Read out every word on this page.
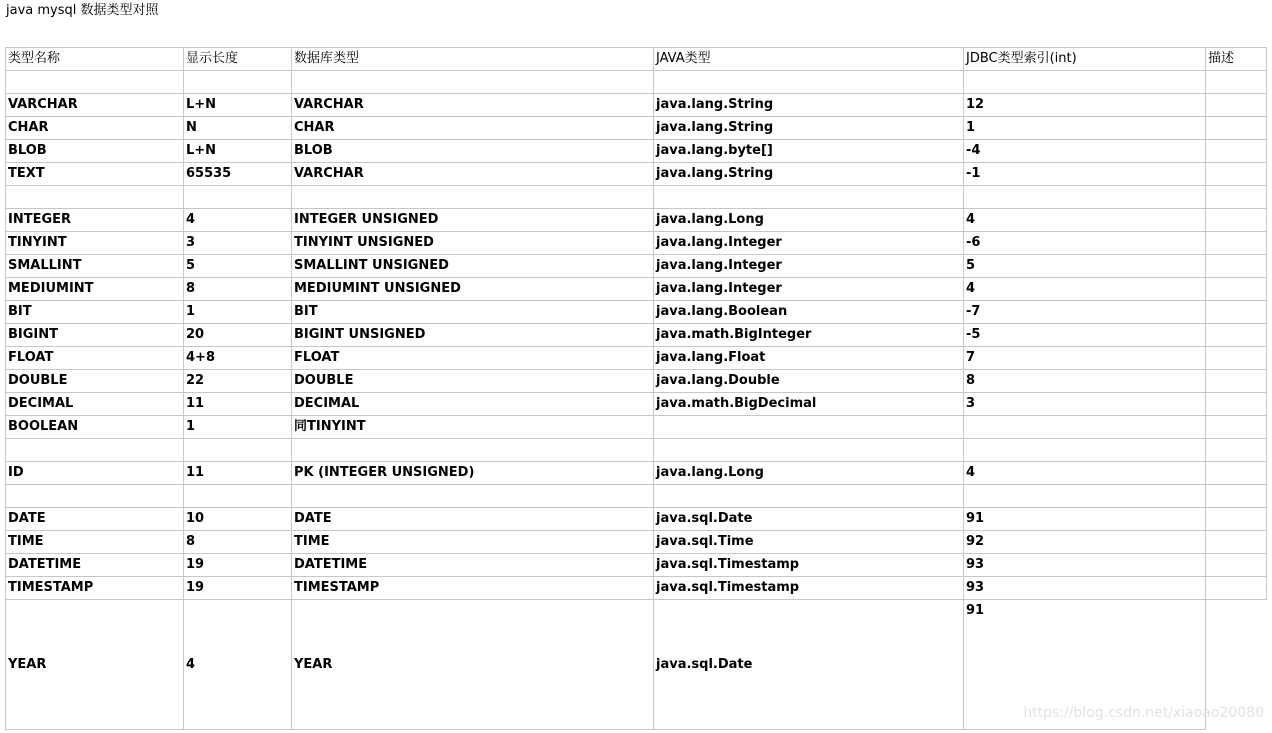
java mysql 数据类型对照
类型名称	显示长度	数据库类型	JAVA类型	JDBC类型索引(int)	描述

VARCHAR	L+N	VARCHAR	java.lang.String	12	
CHAR	N	CHAR	java.lang.String	1	
BLOB	L+N	BLOB	java.lang.byte[]	-4	
TEXT	65535	VARCHAR	java.lang.String	-1	

INTEGER	4	INTEGER UNSIGNED	java.lang.Long	4	
TINYINT	3	TINYINT UNSIGNED	java.lang.Integer	-6	
SMALLINT	5	SMALLINT UNSIGNED	java.lang.Integer	5	
MEDIUMINT	8	MEDIUMINT UNSIGNED	java.lang.Integer	4	
BIT	1	BIT	java.lang.Boolean	-7	
BIGINT	20	BIGINT UNSIGNED	java.math.BigInteger	-5	
FLOAT	4+8	FLOAT	java.lang.Float	7	
DOUBLE	22	DOUBLE	java.lang.Double	8	
DECIMAL	11	DECIMAL	java.math.BigDecimal	3	
BOOLEAN	1	同TINYINT			

ID	11	PK (INTEGER UNSIGNED)	java.lang.Long	4	

DATE	10	DATE	java.sql.Date	91	
TIME	8	TIME	java.sql.Time	92	
DATETIME	19	DATETIME	java.sql.Timestamp	93	
TIMESTAMP	19	TIMESTAMP	java.sql.Timestamp	93	
YEAR	4	YEAR	java.sql.Date	91	
https://blog.csdn.net/xiaoao20080
